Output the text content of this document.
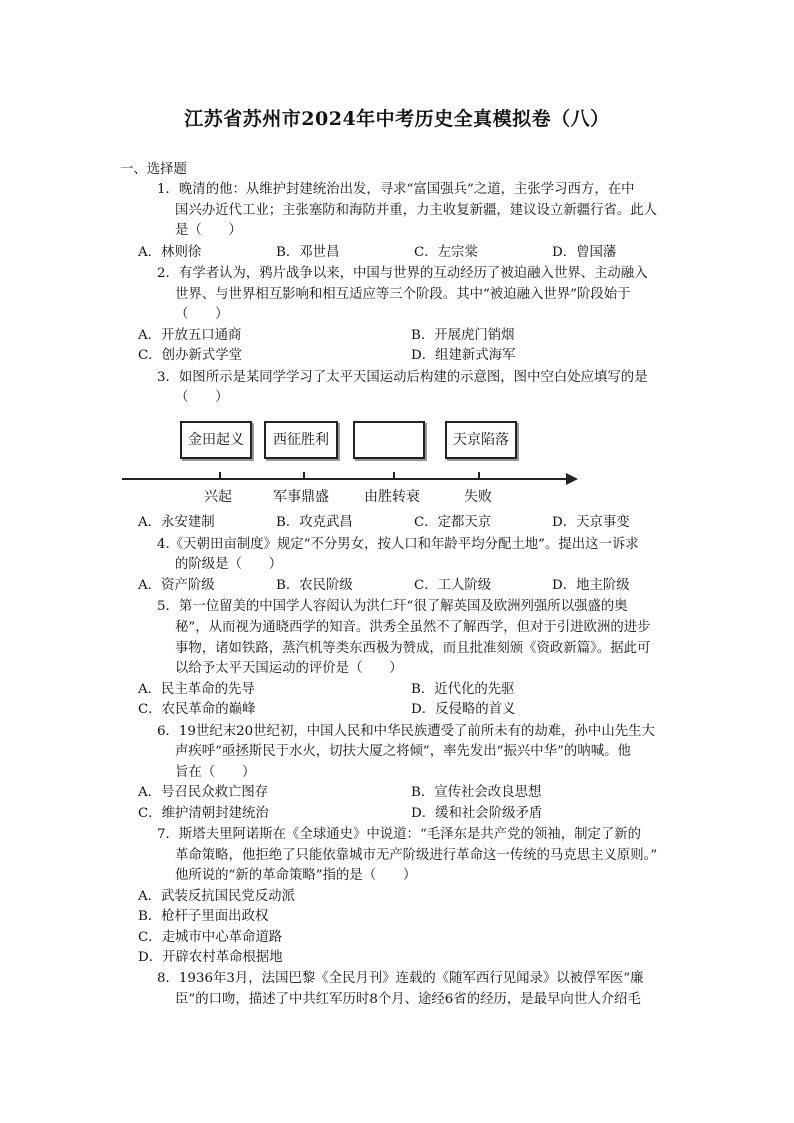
江苏省苏州市2024年中考历史全真模拟卷（八）
一、选择题
1．晚清的他：从维护封建统治出发，寻求“富国强兵”之道，主张学习西方，在中
国兴办近代工业；主张塞防和海防并重，力主收复新疆，建议设立新疆行省。此人
是（　　）
A．林则徐	B．邓世昌	C．左宗棠	D．曾国藩
2．有学者认为，鸦片战争以来，中国与世界的互动经历了被迫融入世界、主动融入
世界、与世界相互影响和相互适应等三个阶段。其中“被迫融入世界”阶段始于
（　　）
A．开放五口通商	B．开展虎门销烟
C．创办新式学堂	D．组建新式海军
3．如图所示是某同学学习了太平天国运动后构建的示意图，图中空白处应填写的是
（　　）
金田起义	西征胜利	天京陷落
兴起	军事鼎盛	由胜转衰	失败
A．永安建制	B．攻克武昌	C．定都天京	D．天京事变
4.《天朝田亩制度》规定“不分男女，按人口和年龄平均分配土地”。提出这一诉求
的阶级是（　　）
A．资产阶级	B．农民阶级	C．工人阶级	D．地主阶级
5．第一位留美的中国学人容闳认为洪仁玕“很了解英国及欧洲列强所以强盛的奥
秘”，从而视为通晓西学的知音。洪秀全虽然不了解西学，但对于引进欧洲的进步
事物，诸如铁路，蒸汽机等类东西极为赞成，而且批准刻颁《资政新篇》。据此可
以给予太平天国运动的评价是（　　）
A．民主革命的先导	B．近代化的先驱
C．农民革命的巅峰	D．反侵略的首义
6．19世纪末20世纪初，中国人民和中华民族遭受了前所未有的劫难，孙中山先生大
声疾呼“亟拯斯民于水火，切扶大厦之将倾”，率先发出“振兴中华”的呐喊。他
旨在（　　）
A．号召民众救亡图存	B．宣传社会改良思想
C．维护清朝封建统治	D．缓和社会阶级矛盾
7．斯塔夫里阿诺斯在《全球通史》中说道：“毛泽东是共产党的领袖，制定了新的
革命策略，他拒绝了只能依靠城市无产阶级进行革命这一传统的马克思主义原则。”
他所说的“新的革命策略”指的是（　　）
A．武装反抗国民党反动派
B．枪杆子里面出政权
C．走城市中心革命道路
D．开辟农村革命根据地
8．1936年3月，法国巴黎《全民月刊》连载的《随军西行见闻录》以被俘军医“廉
臣”的口吻，描述了中共红军历时8个月、途经6省的经历，是最早向世人介绍毛
